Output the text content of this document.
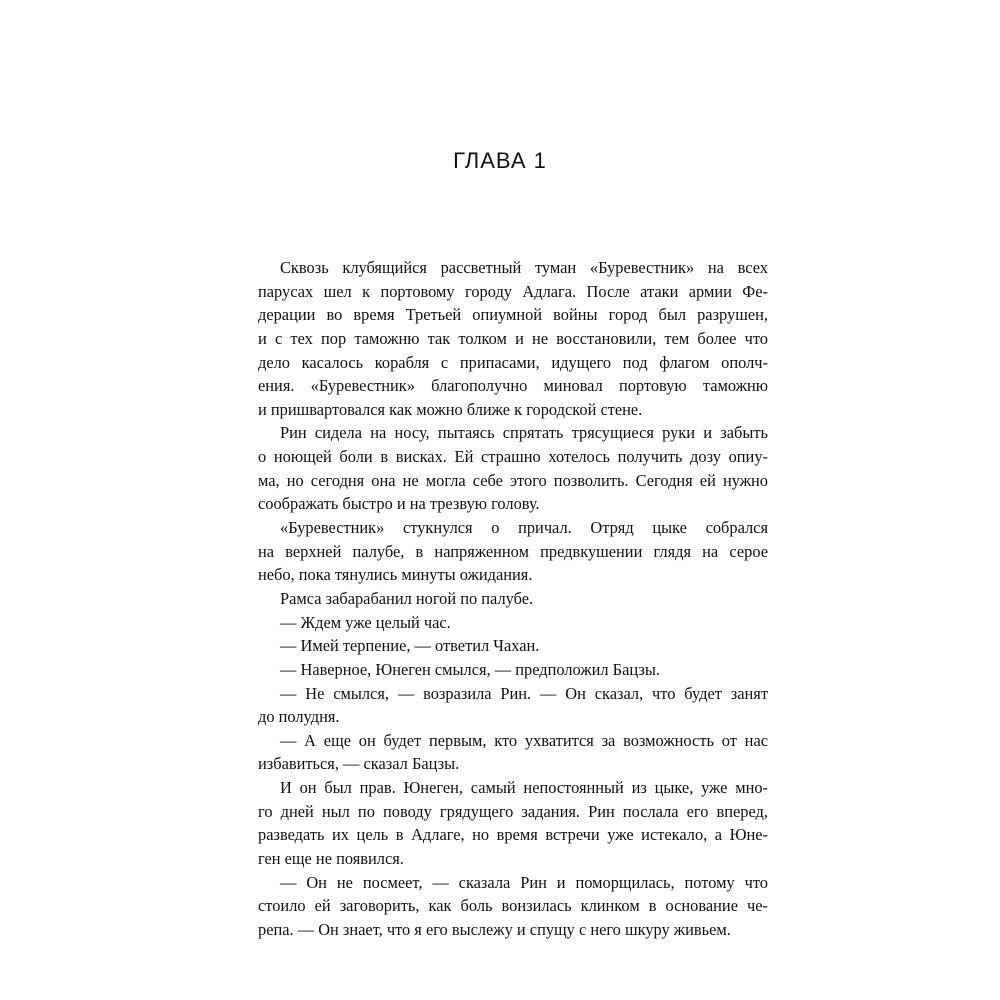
ГЛАВА 1
Сквозь клубящийся рассветный туман «Буревестник» на всех
парусах шел к портовому городу Адлага. После атаки армии Фе-
дерации во время Третьей опиумной войны город был разрушен,
и с тех пор таможню так толком и не восстановили, тем более что
дело касалось корабля с припасами, идущего под флагом ополч-
ения. «Буревестник» благополучно миновал портовую таможню
и пришвартовался как можно ближе к городской стене.
Рин сидела на носу, пытаясь спрятать трясущиеся руки и забыть
о ноющей боли в висках. Ей страшно хотелось получить дозу опиу-
ма, но сегодня она не могла себе этого позволить. Сегодня ей нужно
соображать быстро и на трезвую голову.
«Буревестник» стукнулся о причал. Отряд цыке собрался
на верхней палубе, в напряженном предвкушении глядя на серое
небо, пока тянулись минуты ожидания.
Рамса забарабанил ногой по палубе.
— Ждем уже целый час.
— Имей терпение, — ответил Чахан.
— Наверное, Юнеген смылся, — предположил Бацзы.
— Не смылся, — возразила Рин. — Он сказал, что будет занят
до полудня.
— А еще он будет первым, кто ухватится за возможность от нас
избавиться, — сказал Бацзы.
И он был прав. Юнеген, самый непостоянный из цыке, уже мно-
го дней ныл по поводу грядущего задания. Рин послала его вперед,
разведать их цель в Адлаге, но время встречи уже истекало, а Юне-
ген еще не появился.
— Он не посмеет, — сказала Рин и поморщилась, потому что
стоило ей заговорить, как боль вонзилась клинком в основание че-
репа. — Он знает, что я его выслежу и спущу с него шкуру живьем.
